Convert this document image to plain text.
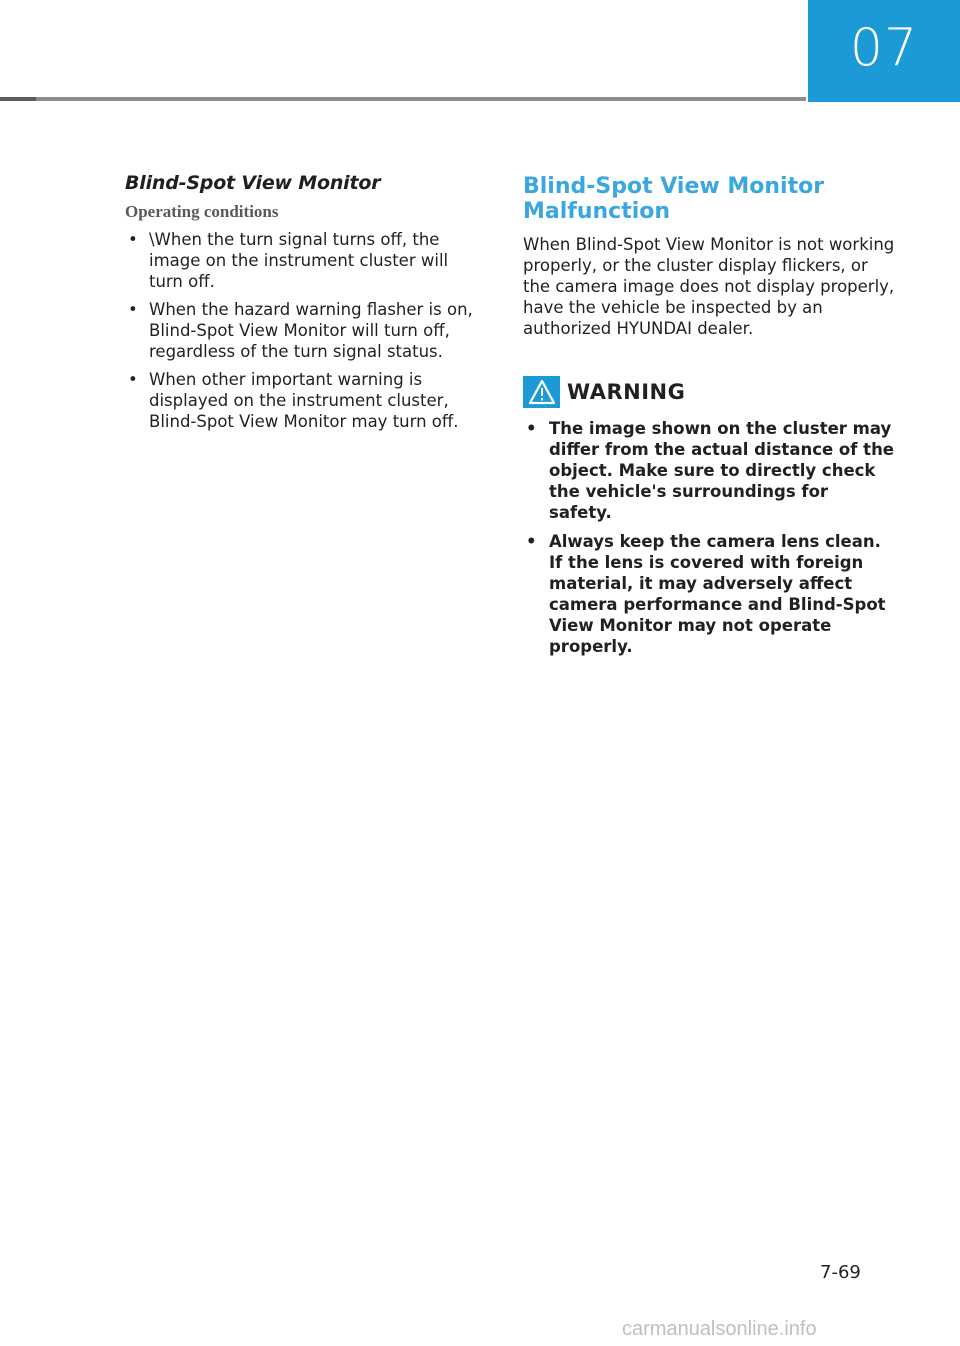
07
Blind-Spot View Monitor
Operating conditions
• \When the turn signal turns off, the image on the instrument cluster will turn off.
• When the hazard warning flasher is on, Blind-Spot View Monitor will turn off, regardless of the turn signal status.
• When other important warning is displayed on the instrument cluster, Blind-Spot View Monitor may turn off.
Blind-Spot View Monitor Malfunction

When Blind-Spot View Monitor is not working properly, or the cluster display flickers, or the camera image does not display properly, have the vehicle be inspected by an authorized HYUNDAI dealer.

WARNING
• The image shown on the cluster may differ from the actual distance of the object. Make sure to directly check the vehicle's surroundings for safety.
• Always keep the camera lens clean. If the lens is covered with foreign material, it may adversely affect camera performance and Blind-Spot View Monitor may not operate properly.
7-69
carmanualsonline.info
